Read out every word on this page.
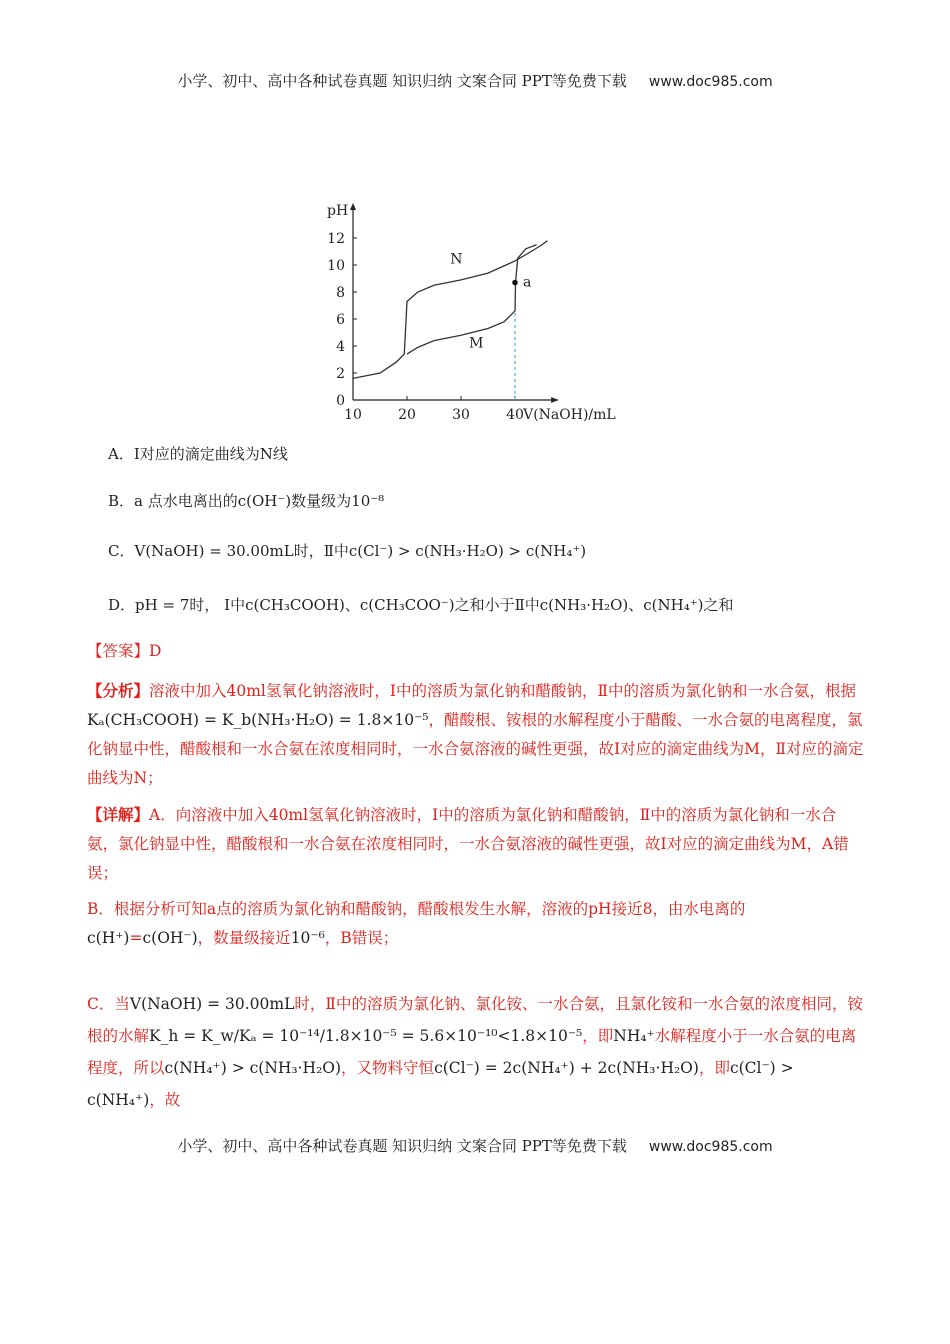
小学、初中、高中各种试卷真题 知识归纳 文案合同 PPT等免费下载 www.doc985.com
0
2
4
6
8
10
12
10	20	30	40
pH
V(NaOH)/mL
N
M
a
A．Ⅰ对应的滴定曲线为N线
B．a 点水电离出的c(OH⁻)数量级为10⁻⁸
C．V(NaOH) = 30.00mL时，Ⅱ中c(Cl⁻) > c(NH₃·H₂O) > c(NH₄⁺)
D．pH = 7时， Ⅰ中c(CH₃COOH)、c(CH₃COO⁻)之和小于Ⅱ中c(NH₃·H₂O)、c(NH₄⁺)之和
【答案】D
【分析】溶液中加入40ml氢氧化钠溶液时，Ⅰ中的溶质为氯化钠和醋酸钠，Ⅱ中的溶质为氯化钠和一水合氨，根据Kₐ(CH₃COOH) = K_b(NH₃·H₂O) = 1.8×10⁻⁵，醋酸根、铵根的水解程度小于醋酸、一水合氨的电离程度，氯化钠显中性，醋酸根和一水合氨在浓度相同时，一水合氨溶液的碱性更强，故Ⅰ对应的滴定曲线为M，Ⅱ对应的滴定曲线为N；
【详解】A．向溶液中加入40ml氢氧化钠溶液时，Ⅰ中的溶质为氯化钠和醋酸钠，Ⅱ中的溶质为氯化钠和一水合氨，氯化钠显中性，醋酸根和一水合氨在浓度相同时，一水合氨溶液的碱性更强，故Ⅰ对应的滴定曲线为M，A错误；
B．根据分析可知a点的溶质为氯化钠和醋酸钠，醋酸根发生水解，溶液的pH接近8，由水电离的c(H⁺)=c(OH⁻)，数量级接近10⁻⁶，B错误；
C．当V(NaOH) = 30.00mL时，Ⅱ中的溶质为氯化钠、氯化铵、一水合氨，且氯化铵和一水合氨的浓度相同，铵根的水解K_h = K_w/Kₐ = 10⁻¹⁴/1.8×10⁻⁵ = 5.6×10⁻¹⁰<1.8×10⁻⁵，即NH₄⁺水解程度小于一水合氨的电离程度，所以c(NH₄⁺) > c(NH₃·H₂O)，又物料守恒c(Cl⁻) = 2c(NH₄⁺) + 2c(NH₃·H₂O)，即c(Cl⁻) > c(NH₄⁺)，故
小学、初中、高中各种试卷真题 知识归纳 文案合同 PPT等免费下载 www.doc985.com
